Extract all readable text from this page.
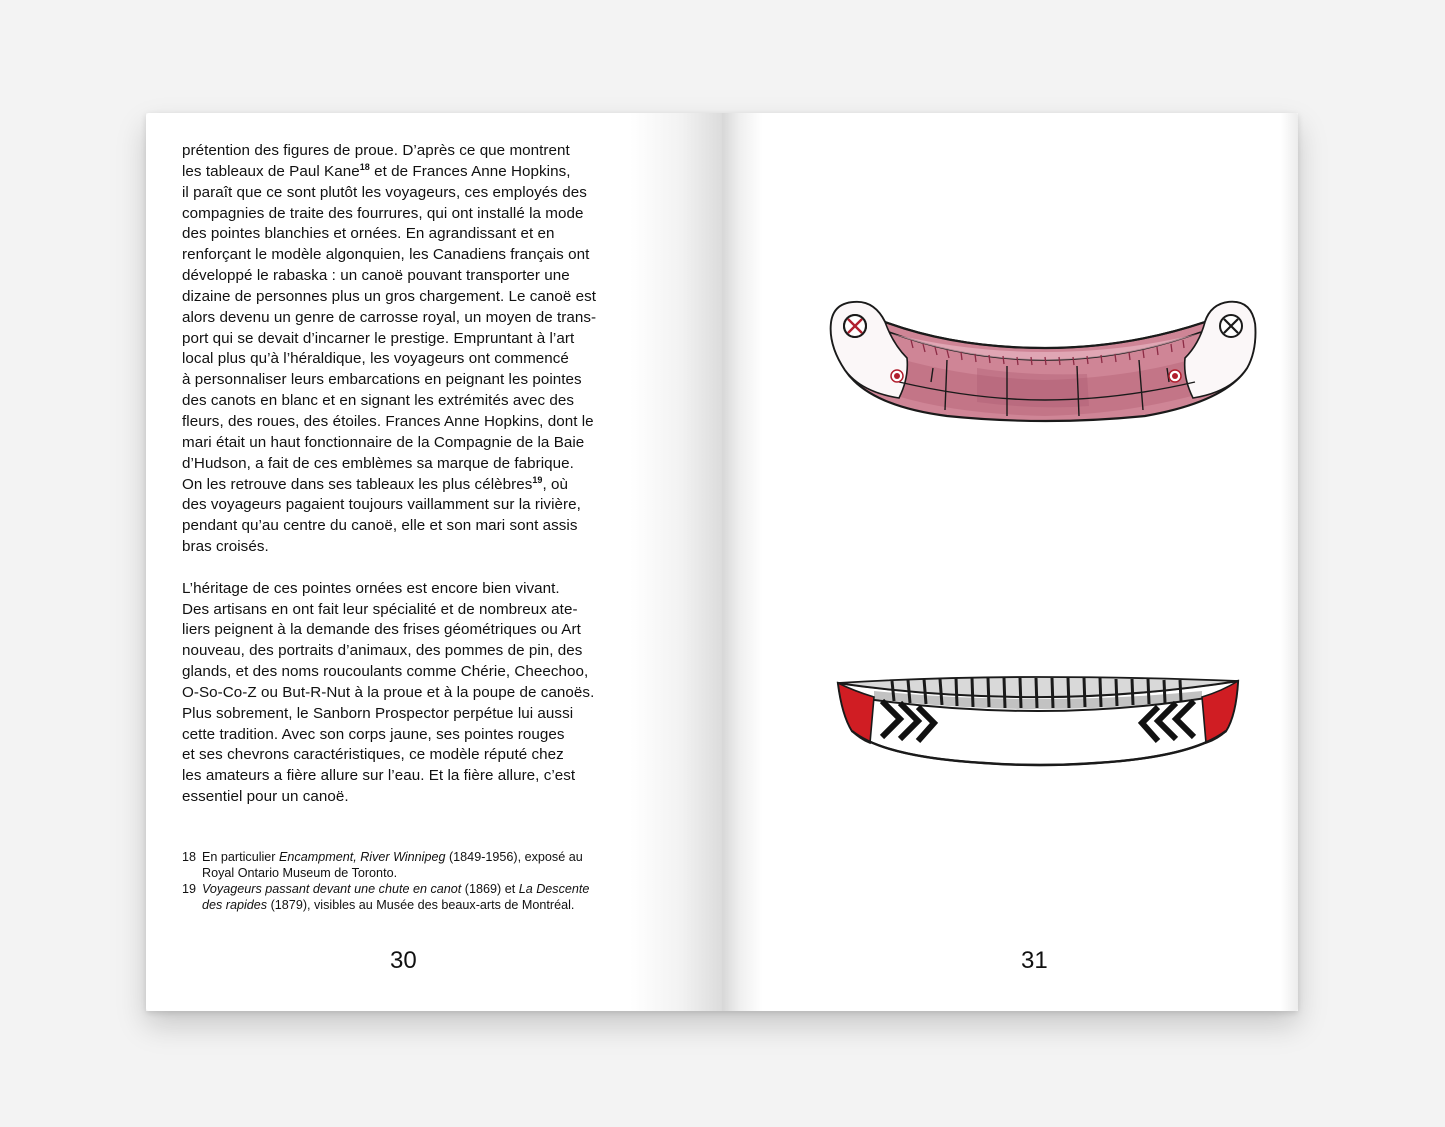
prétention des figures de proue. D’après ce que montrent
les tableaux de Paul Kane$^{18}$ et de Frances Anne Hopkins,
il paraît que ce sont plutôt les voyageurs, ces employés des
compagnies de traite des fourrures, qui ont installé la mode
des pointes blanchies et ornées. En agrandissant et en
renforçant le modèle algonquien, les Canadiens français ont
développé le rabaska : un canoë pouvant transporter une
dizaine de personnes plus un gros chargement. Le canoë est
alors devenu un genre de carrosse royal, un moyen de trans-
port qui se devait d’incarner le prestige. Empruntant à l’art
local plus qu’à l’héraldique, les voyageurs ont commencé
à personnaliser leurs embarcations en peignant les pointes
des canots en blanc et en signant les extrémités avec des
fleurs, des roues, des étoiles. Frances Anne Hopkins, dont le
mari était un haut fonctionnaire de la Compagnie de la Baie
d’Hudson, a fait de ces emblèmes sa marque de fabrique.
On les retrouve dans ses tableaux les plus célèbres$^{19}$, où
des voyageurs pagaient toujours vaillamment sur la rivière,
pendant qu’au centre du canoë, elle et son mari sont assis
bras croisés.
L’héritage de ces pointes ornées est encore bien vivant.
Des artisans en ont fait leur spécialité et de nombreux ate-
liers peignent à la demande des frises géométriques ou Art
nouveau, des portraits d’animaux, des pommes de pin, des
glands, et des noms roucoulants comme Chérie, Cheechoo,
O-So-Co-Z ou But-R-Nut à la proue et à la poupe de canoës.
Plus sobrement, le Sanborn Prospector perpétue lui aussi
cette tradition. Avec son corps jaune, ses pointes rouges
et ses chevrons caractéristiques, ce modèle réputé chez
les amateurs a fière allure sur l’eau. Et la fière allure, c’est
essentiel pour un canoë.
18 En particulier Encampment, River Winnipeg (1849-1956), exposé au
Royal Ontario Museum de Toronto.
19 Voyageurs passant devant une chute en canot (1869) et La Descente
des rapides (1879), visibles au Musée des beaux-arts de Montréal.
30	31
